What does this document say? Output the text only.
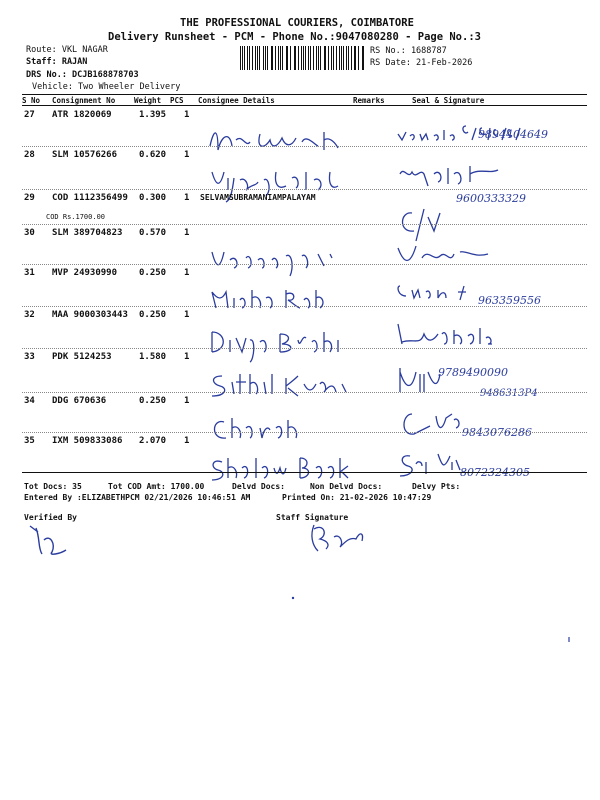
THE PROFESSIONAL COURIERS, COIMBATORE
Delivery Runsheet - PCM - Phone No.:9047080280 - Page No.:3
Route: VKL NAGAR
Staff: RAJAN
DRS No.: DCJB168878703
Vehicle: Two Wheeler Delivery
RS No.: 1688787
RS Date: 21-Feb-2026
S No Consignment No	Weight PCS Consignee Details	Remarks	Seal & Signature
27 ATR 1820069	1.395 1
9894404649
28 SLM 10576266 0.620 1
9600333329
29 COD 1112356499 0.300 1 SELVAMSUBRAMANIAMPALAYAM
COD Rs.1700.00
30 SLM 389704823 0.570 1
31 MVP 24930990 0.250 1
963359556
32 MAA 9000303443 0.250 1
33 PDK 5124253	1.580 1
9789490090
9486313P4
34 DDG 670636	0.250 1
9843076286
35 IXM 509833086 2.070 1
8072324305
Tot Docs: 35	Tot COD Amt: 1700.00	Delvd Docs:	Non Delvd Docs:	Delvy Pts:
Entered By :ELIZABETHPCM 02/21/2026 10:46:51 AM	Printed On: 21-02-2026 10:47:29
Verified By	Staff Signature
